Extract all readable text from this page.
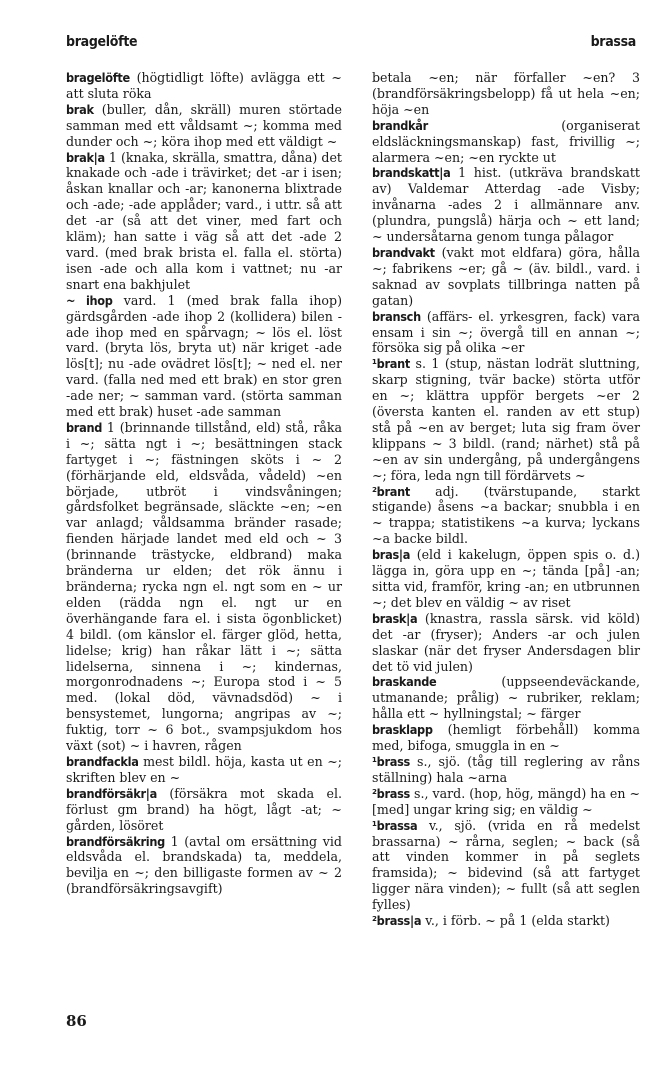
bragelöfte	brassa

bragelöfte (högtidligt löfte) avlägga ett ~ att sluta röka

brak (buller, dån, skräll) muren störtade samman med ett våldsamt ~; komma med dunder och ~; köra ihop med ett väldigt ~

brak|a 1 (knaka, skrälla, smattra, dåna) det knakade och -ade i trävirket; det -ar i isen; åskan knallar och -ar; kanonerna blixtrade och -ade; -ade applåder; vard., i uttr. så att det -ar (så att det viner, med fart och kläm); han satte i väg så att det -ade 2 vard. (med brak brista el. falla el. störta) isen -ade och alla kom i vattnet; nu -ar snart ena bakhjulet

~ ihop vard. 1 (med brak falla ihop) gärdsgården -ade ihop 2 (kollidera) bilen -ade ihop med en spårvagn; ~ lös el. löst vard. (bryta lös, bryta ut) när kriget -ade lös[t]; nu -ade ovädret lös[t]; ~ ned el. ner vard. (falla ned med ett brak) en stor gren -ade ner; ~ samman vard. (störta samman med ett brak) huset -ade samman

brand 1 (brinnande tillstånd, eld) stå, råka i ~; sätta ngt i ~; besättningen stack fartyget i ~; fästningen sköts i ~ 2 (förhärjande eld, eldsvåda, vådeld) ~en började, utbröt i vindsvåningen; gårdsfolket begränsade, släckte ~en; ~en var anlagd; våldsamma bränder rasade; fienden härjade landet med eld och ~ 3 (brinnande trästycke, eldbrand) maka bränderna ur elden; det rök ännu i bränderna; rycka ngn el. ngt som en ~ ur elden (rädda ngn el. ngt ur en överhängande fara el. i sista ögonblicket) 4 bildl. (om känslor el. färger glöd, hetta, lidelse; krig) han råkar lätt i ~; sätta lidelserna, sinnena i ~; kindernas, morgonrodnadens ~; Europa stod i ~ 5 med. (lokal död, vävnadsdöd) ~ i bensystemet, lungorna; angripas av ~; fuktig, torr ~ 6 bot., svampsjukdom hos växt (sot) ~ i havren, rågen

brandfackla mest bildl. höja, kasta ut en ~; skriften blev en ~

brandförsäkr|a (försäkra mot skada el. förlust gm brand) ha högt, lågt -at; ~ gården, lösöret

brandförsäkring 1 (avtal om ersättning vid eldsvåda el. brandskada) ta, meddela, bevilja en ~; den billigaste formen av ~ 2 (brandförsäkringsavgift)

betala ~en; när förfaller ~en? 3 (brandförsäkringsbelopp) få ut hela ~en; höja ~en

brandkår	(organiserat eldsläckningsmanskap) fast, frivillig ~; alarmera ~en; ~en ryckte ut

brandskatt|a 1 hist. (utkräva brandskatt av) Valdemar Atterdag -ade Visby; invånarna -ades 2 i allmännare anv. (plundra, pungslå) härja och ~ ett land; ~ undersåtarna genom tunga pålagor

brandvakt (vakt mot eldfara) göra, hålla ~; fabrikens ~er; gå ~ (äv. bildl., vard. i saknad av sovplats tillbringa natten på gatan)

bransch (affärs- el. yrkesgren, fack) vara ensam i sin ~; övergå till en annan ~; försöka sig på olika ~er

¹brant s. 1 (stup, nästan lodrät sluttning, skarp stigning, tvär backe) störta utför en ~; klättra uppför bergets ~er 2 (översta kanten el. randen av ett stup) stå på ~en av berget; luta sig fram över klippans ~ 3 bildl. (rand; närhet) stå på ~en av sin undergång, på undergångens ~; föra, leda ngn till fördärvets ~

²brant adj. (tvärstupande, starkt stigande) åsens ~a backar; snubbla i en ~ trappa; statistikens ~a kurva; lyckans ~a backe bildl.

bras|a (eld i kakelugn, öppen spis o. d.) lägga in, göra upp en ~; tända [på] -an; sitta vid, framför, kring -an; en utbrunnen ~; det blev en väldig ~ av riset

brask|a (knastra, rassla särsk. vid köld) det -ar (fryser); Anders -ar och julen slaskar (när det fryser Andersdagen blir det tö vid julen)

braskande	(uppseendeväckande, utmanande; prålig) ~ rubriker, reklam; hålla ett ~ hyllningstal; ~ färger

brasklapp (hemligt förbehåll) komma med, bifoga, smuggla in en ~

¹brass s., sjö. (tåg till reglering av råns ställning) hala ~arna

²brass s., vard. (hop, hög, mängd) ha en ~ [med] ungar kring sig; en väldig ~

¹brassa v., sjö. (vrida en rå medelst brassarna) ~ rårna, seglen; ~ back (så att vinden kommer in på seglets framsida); ~ bidevind (så att fartyget ligger nära vinden); ~ fullt (så att seglen fylles)

²brass|a v., i förb. ~ på 1 (elda starkt)

86
